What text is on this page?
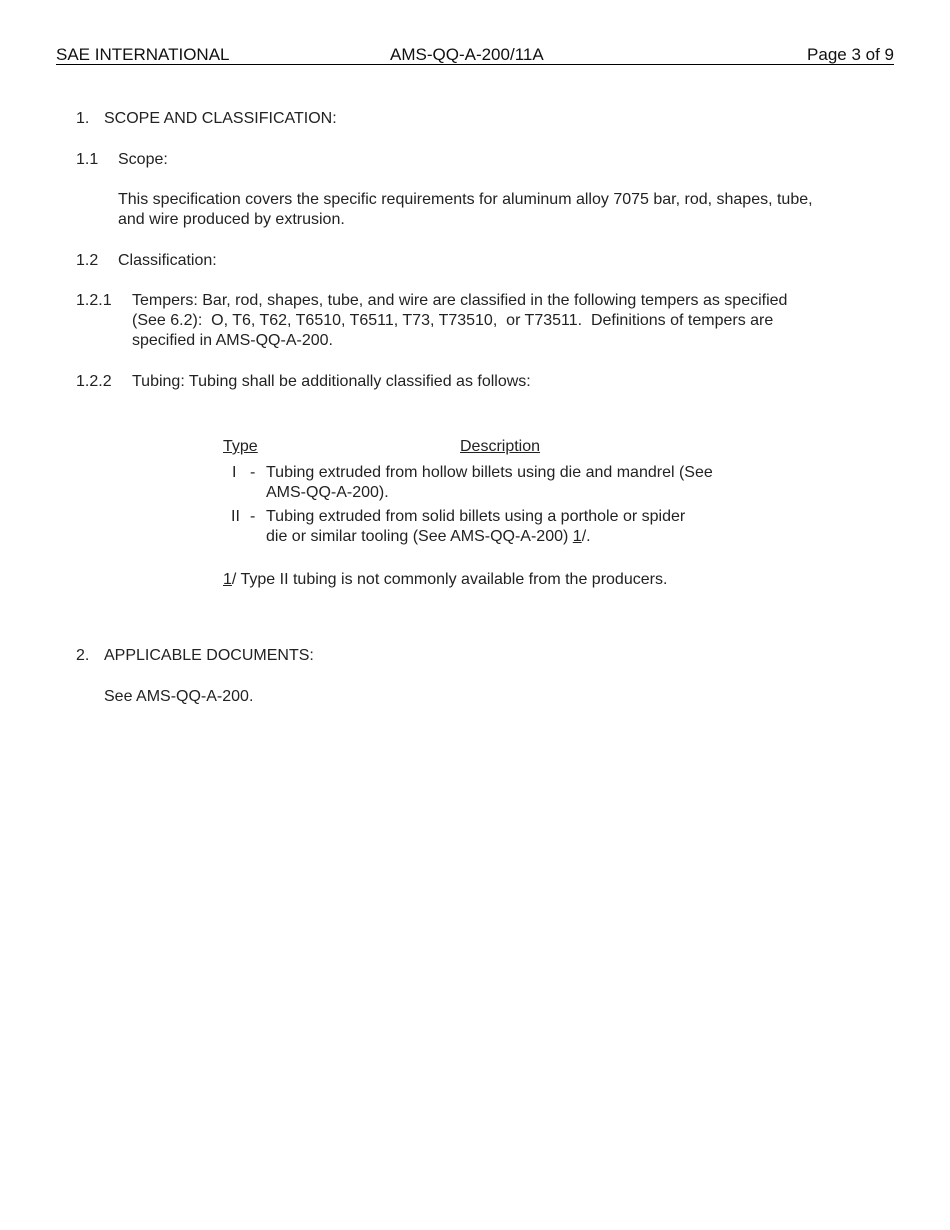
SAE INTERNATIONAL	AMS-QQ-A-200/11A	Page 3 of 9
1. SCOPE AND CLASSIFICATION:
1.1 Scope:
This specification covers the specific requirements for aluminum alloy 7075 bar, rod, shapes, tube,
and wire produced by extrusion.
1.2 Classification:
1.2.1 Tempers: Bar, rod, shapes, tube, and wire are classified in the following tempers as specified
(See 6.2):  O, T6, T62, T6510, T6511, T73, T73510,  or T73511.  Definitions of tempers are
specified in AMS-QQ-A-200.
1.2.2 Tubing: Tubing shall be additionally classified as follows:
Type	Description
I - Tubing extruded from hollow billets using die and mandrel (See
AMS-QQ-A-200).
II - Tubing extruded from solid billets using a porthole or spider
die or similar tooling (See AMS-QQ-A-200) 1/.
1/ Type II tubing is not commonly available from the producers.
2. APPLICABLE DOCUMENTS:
See AMS-QQ-A-200.
